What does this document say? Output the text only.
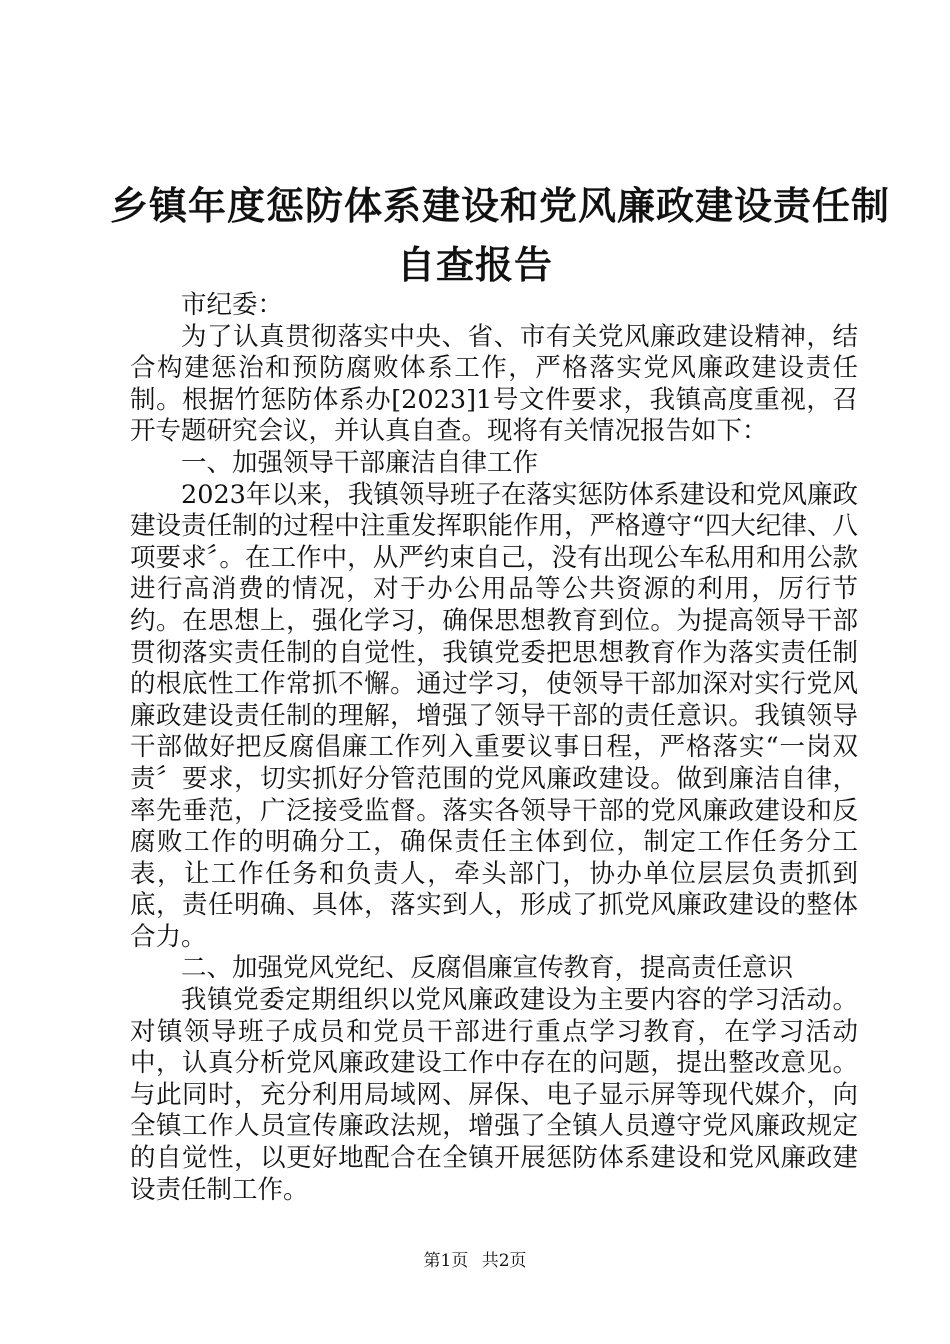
乡镇年度惩防体系建设和党风廉政建设责任制
自查报告

市纪委：

为了认真贯彻落实中央、省、市有关党风廉政建设精神，结合构建惩治和预防腐败体系工作，严格落实党风廉政建设责任制。根据竹惩防体系办[2023]1号文件要求，我镇高度重视，召开专题研究会议，并认真自查。现将有关情况报告如下：

一、加强领导干部廉洁自律工作

2023年以来，我镇领导班子在落实惩防体系建设和党风廉政建设责任制的过程中注重发挥职能作用，严格遵守“四大纪律、八项要求〞。在工作中，从严约束自己，没有出现公车私用和用公款进行高消费的情况，对于办公用品等公共资源的利用，厉行节约。在思想上，强化学习，确保思想教育到位。为提高领导干部贯彻落实责任制的自觉性，我镇党委把思想教育作为落实责任制的根底性工作常抓不懈。通过学习，使领导干部加深对实行党风廉政建设责任制的理解，增强了领导干部的责任意识。我镇领导干部做好把反腐倡廉工作列入重要议事日程，严格落实“一岗双责〞要求，切实抓好分管范围的党风廉政建设。做到廉洁自律，率先垂范，广泛接受监督。落实各领导干部的党风廉政建设和反腐败工作的明确分工，确保责任主体到位，制定工作任务分工表，让工作任务和负责人，牵头部门，协办单位层层负责抓到底，责任明确、具体，落实到人，形成了抓党风廉政建设的整体合力。

二、加强党风党纪、反腐倡廉宣传教育，提高责任意识

我镇党委定期组织以党风廉政建设为主要内容的学习活动。对镇领导班子成员和党员干部进行重点学习教育，在学习活动中，认真分析党风廉政建设工作中存在的问题，提出整改意见。与此同时，充分利用局域网、屏保、电子显示屏等现代媒介，向全镇工作人员宣传廉政法规，增强了全镇人员遵守党风廉政规定的自觉性，以更好地配合在全镇开展惩防体系建设和党风廉政建设责任制工作。

第1页 共2页
